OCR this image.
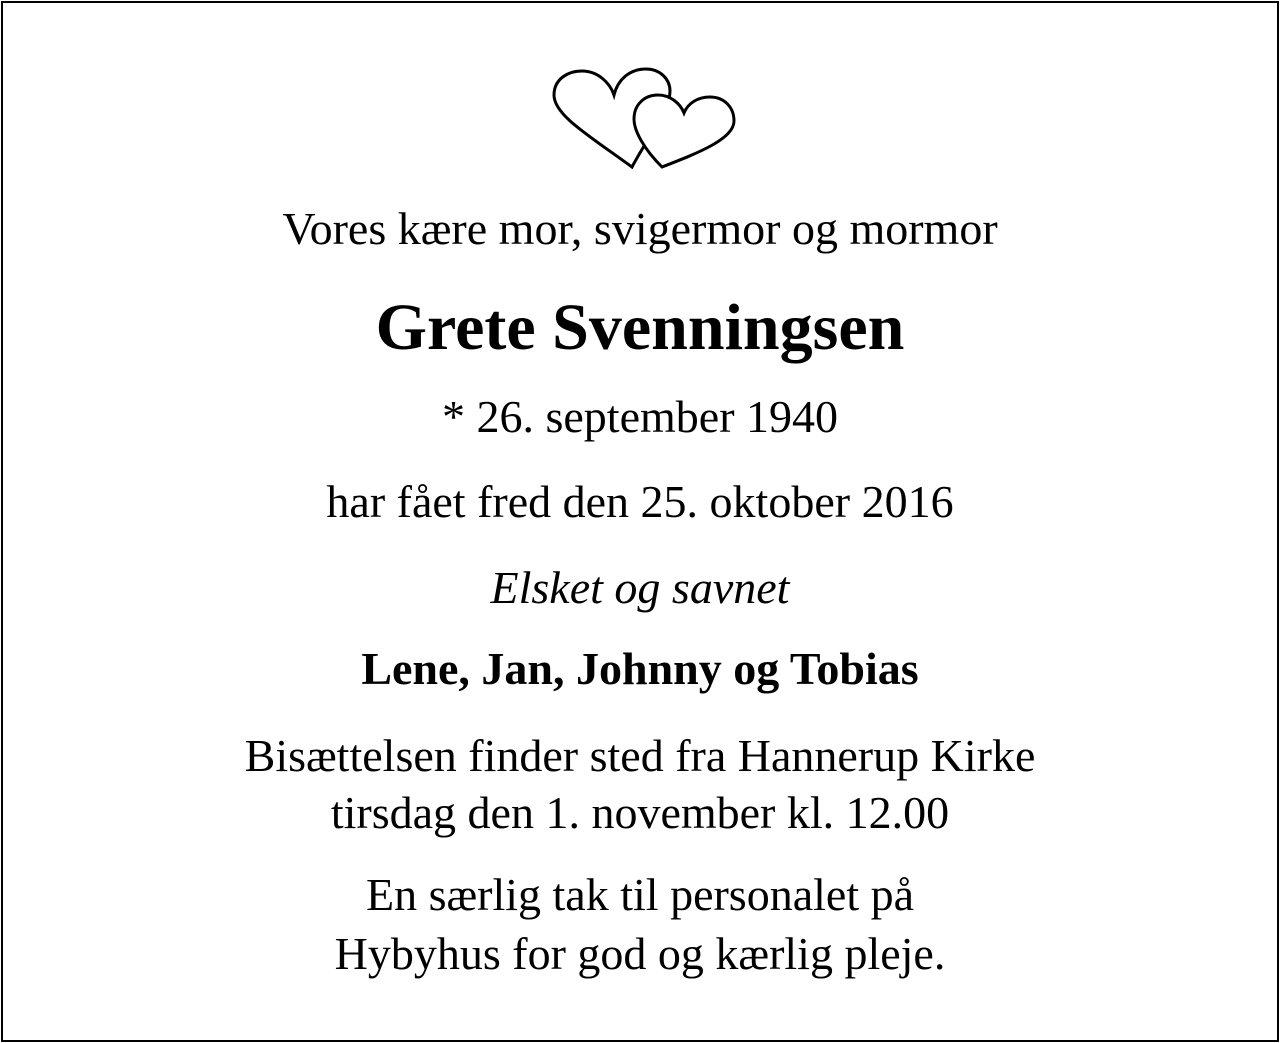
Vores kære mor, svigermor og mormor
Grete Svenningsen
* 26. september 1940
har fået fred den 25. oktober 2016
Elsket og savnet
Lene, Jan, Johnny og Tobias
Bisættelsen finder sted fra Hannerup Kirke
tirsdag den 1. november kl. 12.00
En særlig tak til personalet på
Hybyhus for god og kærlig pleje.
